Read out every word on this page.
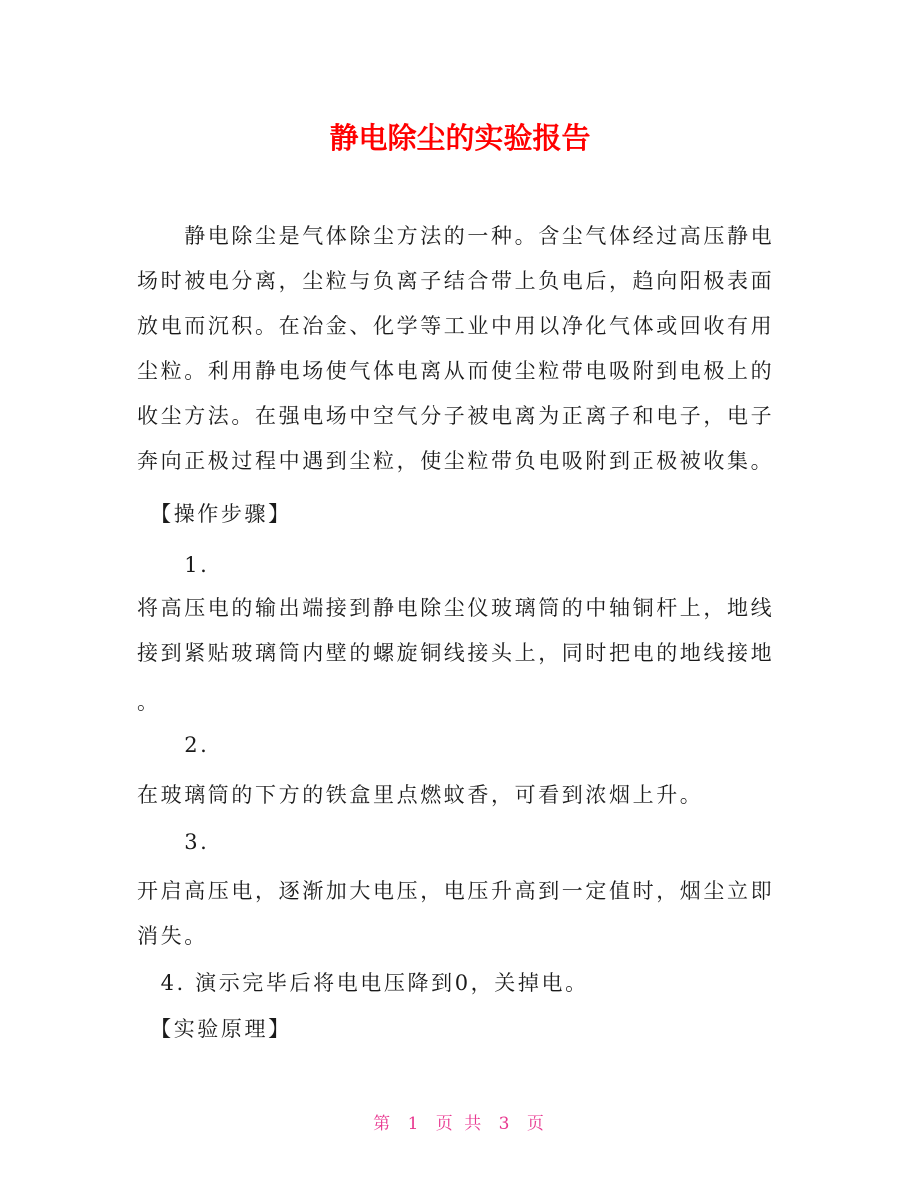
静电除尘的实验报告
　　静电除尘是气体除尘方法的一种。含尘气体经过高压静电
场时被电分离，尘粒与负离子结合带上负电后，趋向阳极表面
放电而沉积。在冶金、化学等工业中用以净化气体或回收有用
尘粒。利用静电场使气体电离从而使尘粒带电吸附到电极上的
收尘方法。在强电场中空气分子被电离为正离子和电子，电子
奔向正极过程中遇到尘粒，使尘粒带负电吸附到正极被收集。
　【操作步骤】
　　1.
将高压电的输出端接到静电除尘仪玻璃筒的中轴铜杆上，地线
接到紧贴玻璃筒内壁的螺旋铜线接头上，同时把电的地线接地
。
　　2.
在玻璃筒的下方的铁盒里点燃蚊香，可看到浓烟上升。
　　3.
开启高压电，逐渐加大电压，电压升高到一定值时，烟尘立即
消失。
　4. 演示完毕后将电电压降到0，关掉电。
　【实验原理】
第 1 页 共 3 页
